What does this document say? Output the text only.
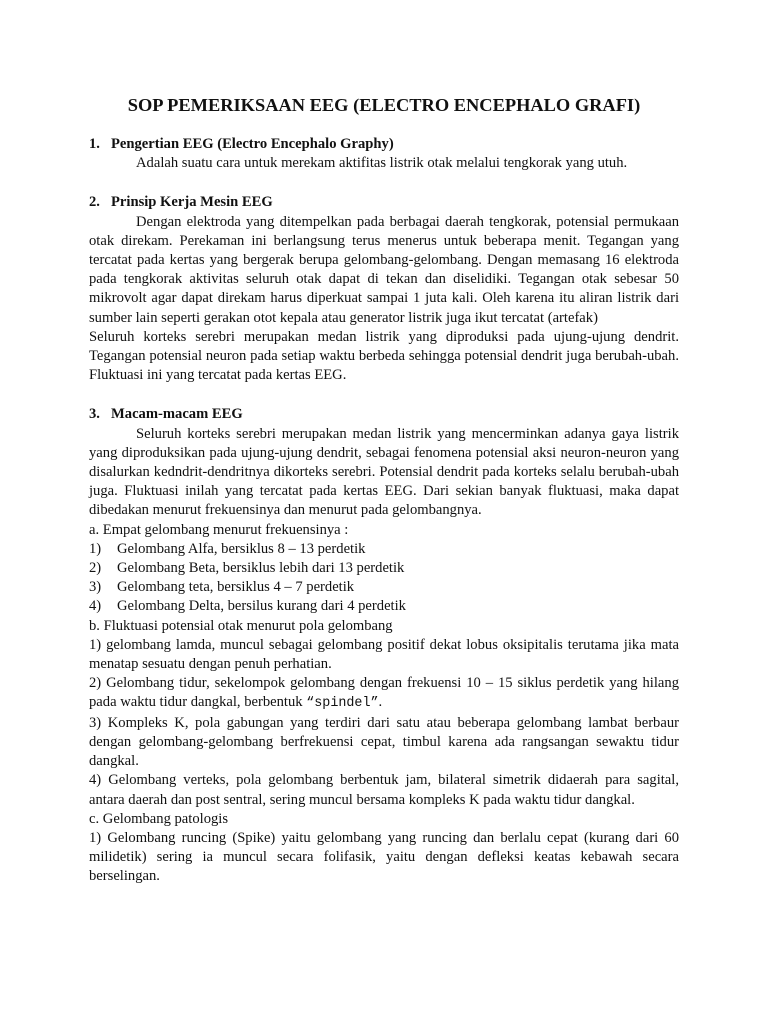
SOP PEMERIKSAAN EEG (ELECTRO ENCEPHALO GRAFI)
1. Pengertian EEG (Electro Encephalo Graphy)

Adalah suatu cara untuk merekam aktifitas listrik otak melalui tengkorak yang utuh.

2. Prinsip Kerja Mesin EEG

Dengan elektroda yang ditempelkan pada berbagai daerah tengkorak, potensial permukaan otak direkam. Perekaman ini berlangsung terus menerus untuk beberapa menit. Tegangan yang tercatat pada kertas yang bergerak berupa gelombang-gelombang. Dengan memasang 16 elektroda pada tengkorak aktivitas seluruh otak dapat di tekan dan diselidiki. Tegangan otak sebesar 50 mikrovolt agar dapat direkam harus diperkuat sampai 1 juta kali. Oleh karena itu aliran listrik dari sumber lain seperti gerakan otot kepala atau generator listrik juga ikut tercatat (artefak)

Seluruh korteks serebri merupakan medan listrik yang diproduksi pada ujung-ujung dendrit. Tegangan potensial neuron pada setiap waktu berbeda sehingga potensial dendrit juga berubah-ubah. Fluktuasi ini yang tercatat pada kertas EEG.

3. Macam-macam EEG

Seluruh korteks serebri merupakan medan listrik yang mencerminkan adanya gaya listrik yang diproduksikan pada ujung-ujung dendrit, sebagai fenomena potensial aksi neuron-neuron yang disalurkan kedndrit-dendritnya dikorteks serebri. Potensial dendrit pada korteks selalu berubah-ubah juga. Fluktuasi inilah yang tercatat pada kertas EEG. Dari sekian banyak fluktuasi, maka dapat dibedakan menurut frekuensinya dan menurut pada gelombangnya.

a. Empat gelombang menurut frekuensinya :
1) Gelombang Alfa, bersiklus 8 – 13 perdetik
2) Gelombang Beta, bersiklus lebih dari 13 perdetik
3) Gelombang teta, bersiklus 4 – 7 perdetik
4) Gelombang Delta, bersilus kurang dari 4 perdetik
b. Fluktuasi potensial otak menurut pola gelombang

1) gelombang lamda, muncul sebagai gelombang positif dekat lobus oksipitalis terutama jika mata menatap sesuatu dengan penuh perhatian.

2) Gelombang tidur, sekelompok gelombang dengan frekuensi 10 – 15 siklus perdetik yang hilang pada waktu tidur dangkal, berbentuk “spindel”.

3) Kompleks K, pola gabungan yang terdiri dari satu atau beberapa gelombang lambat berbaur dengan gelombang-gelombang berfrekuensi cepat, timbul karena ada rangsangan sewaktu tidur dangkal.

4) Gelombang verteks, pola gelombang berbentuk jam, bilateral simetrik didaerah para sagital, antara daerah dan post sentral, sering muncul bersama kompleks K pada waktu tidur dangkal.

c. Gelombang patologis

1) Gelombang runcing (Spike) yaitu gelombang yang runcing dan berlalu cepat (kurang dari 60 milidetik) sering ia muncul secara folifasik, yaitu dengan defleksi keatas kebawah secara berselingan.
